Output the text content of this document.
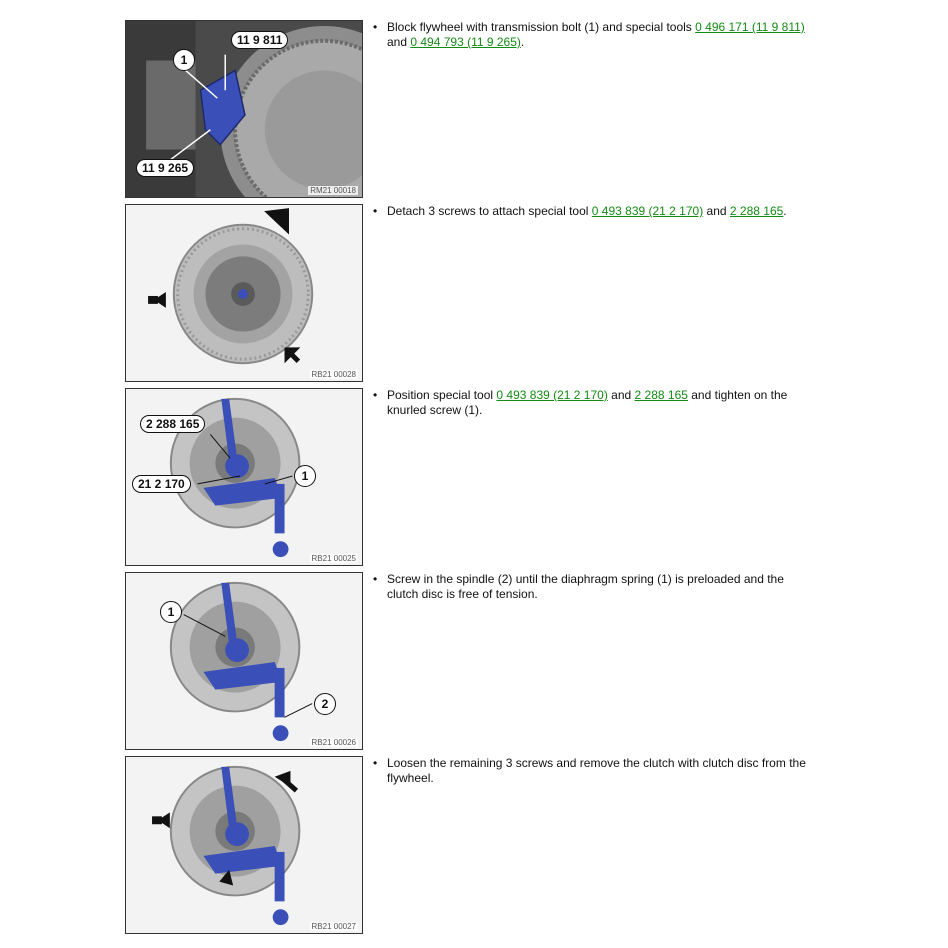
11 9 811
1
11 9 265
RM21 00018
• Block flywheel with transmission bolt (1) and special tools 0 496 171 (11 9 811) and 0 494 793 (11 9 265).
RB21 00028
• Detach 3 screws to attach special tool 0 493 839 (21 2 170) and 2 288 165.
2 288 165
21 2 170
1
RB21 00025
• Position special tool 0 493 839 (21 2 170) and 2 288 165 and tighten on the knurled screw (1).
1
2
RB21 00026
• Screw in the spindle (2) until the diaphragm spring (1) is preloaded and the clutch disc is free of tension.
RB21 00027
• Loosen the remaining 3 screws and remove the clutch with clutch disc from the flywheel.
